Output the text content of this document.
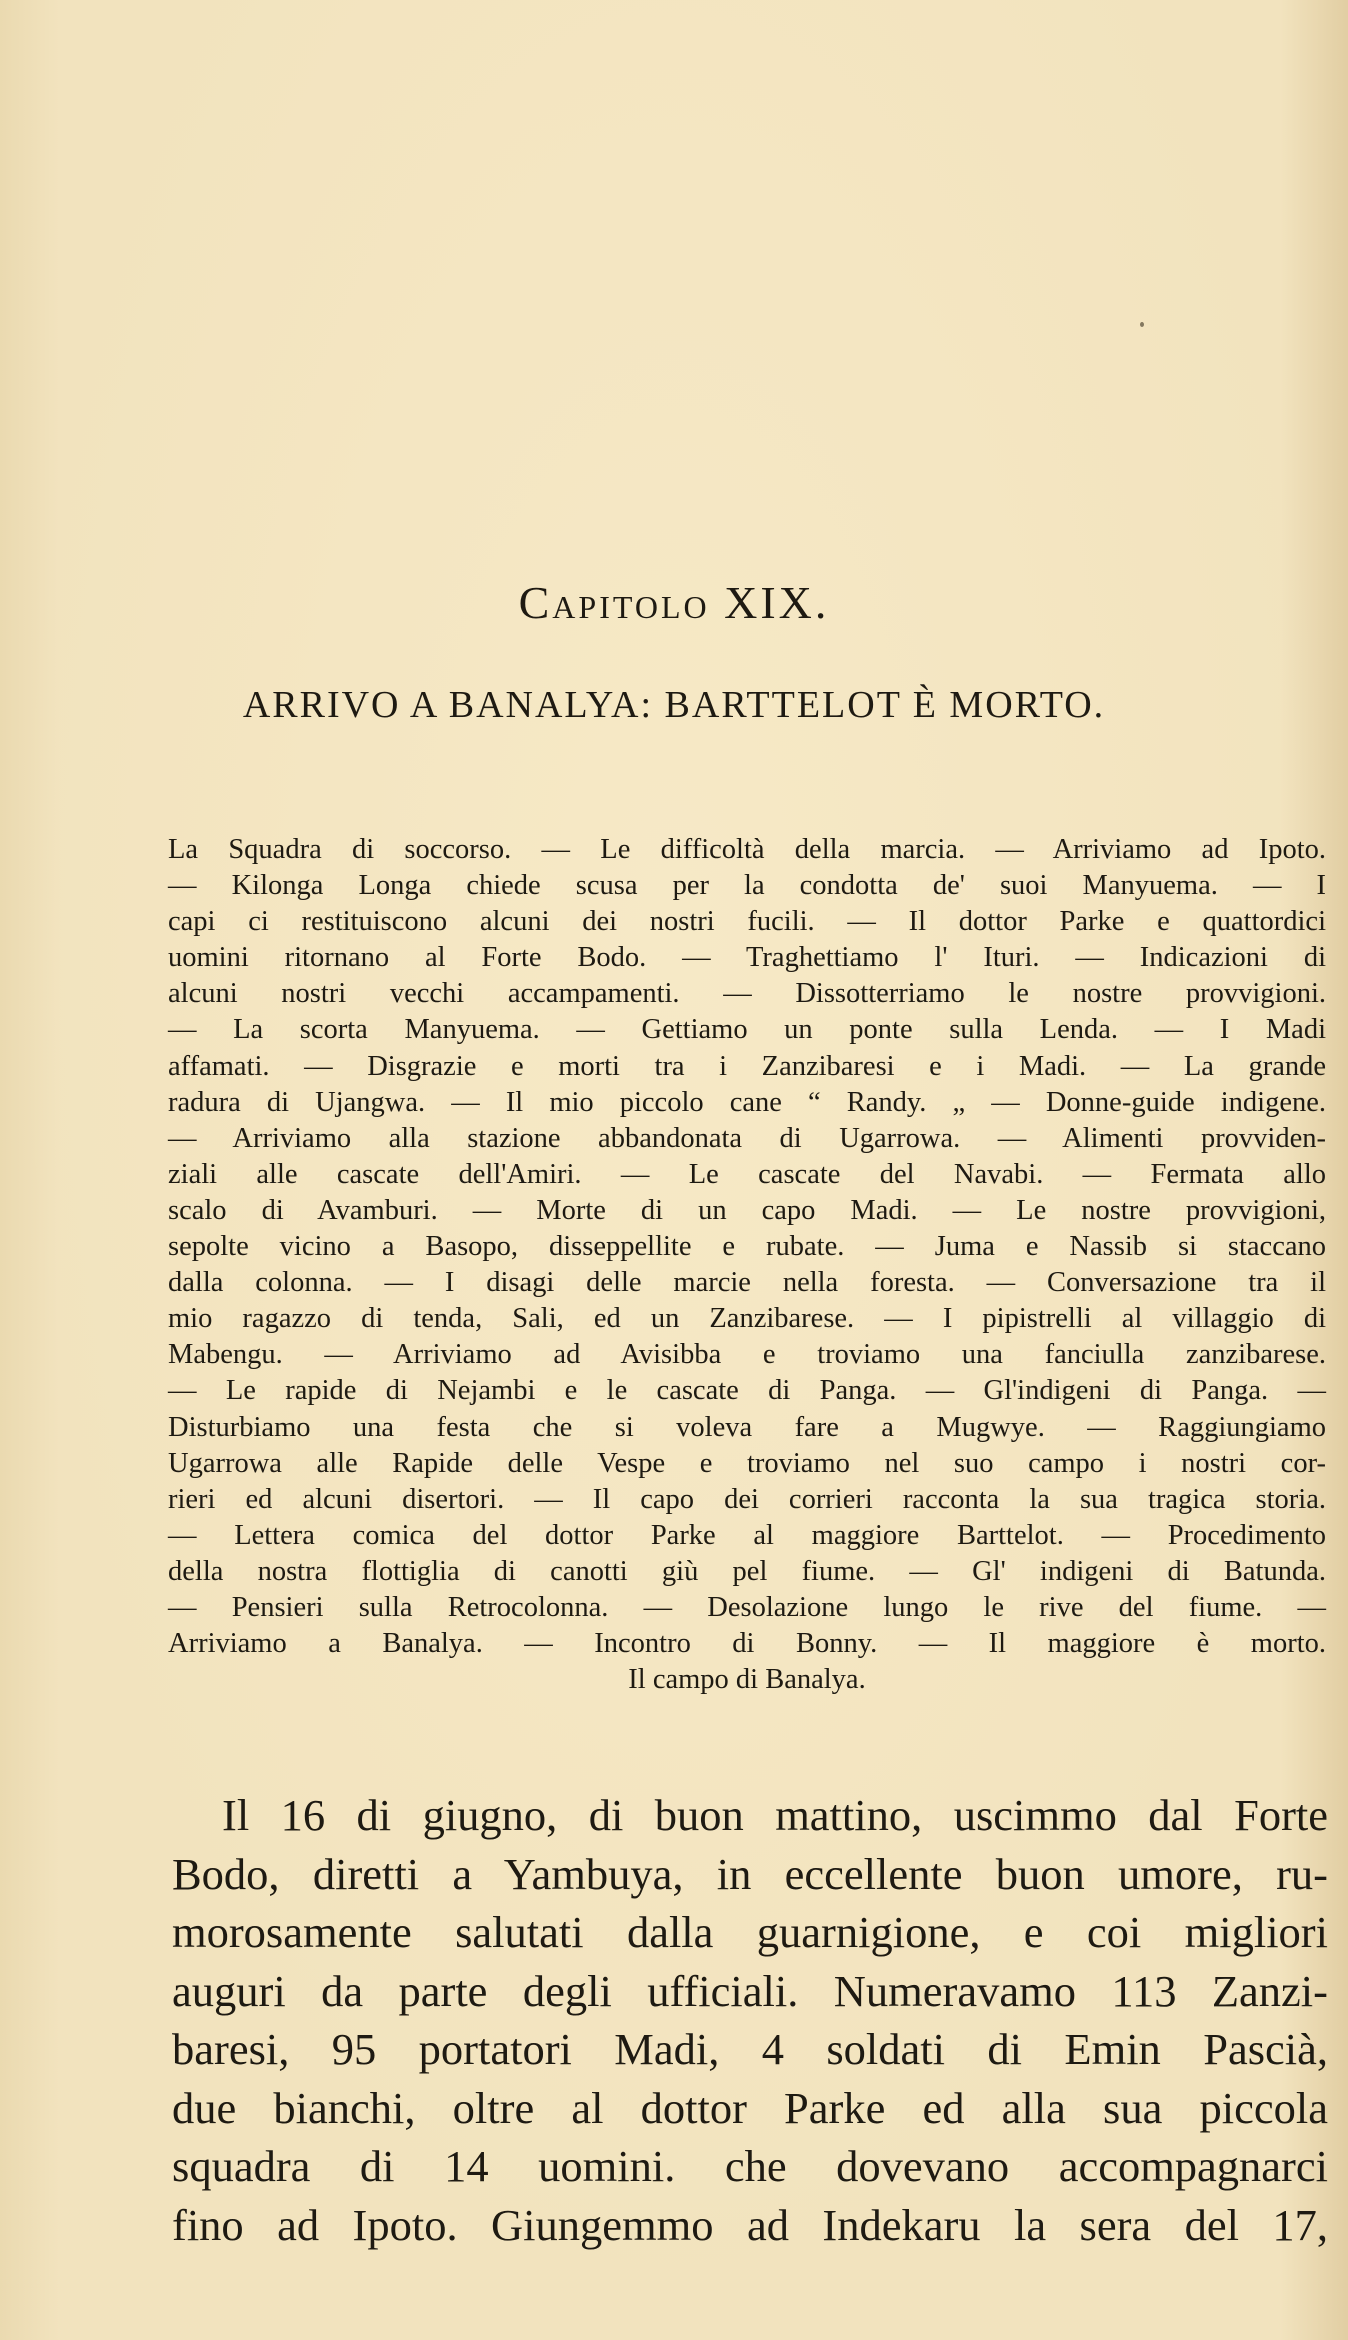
Capitolo XIX.
ARRIVO A BANALYA: BARTTELOT È MORTO.
La Squadra di soccorso. — Le difficoltà della marcia. — Arriviamo ad Ipoto.
— Kilonga Longa chiede scusa per la condotta de' suoi Manyuema. — I
capi ci restituiscono alcuni dei nostri fucili. — Il dottor Parke e quattordici
uomini ritornano al Forte Bodo. — Traghettiamo l' Ituri. — Indicazioni di
alcuni nostri vecchi accampamenti. — Dissotterriamo le nostre provvigioni.
— La scorta Manyuema. — Gettiamo un ponte sulla Lenda. — I Madi
affamati. — Disgrazie e morti tra i Zanzibaresi e i Madi. — La grande
radura di Ujangwa. — Il mio piccolo cane “ Randy. „ — Donne-guide indigene.
— Arriviamo alla stazione abbandonata di Ugarrowa. — Alimenti provviden-
ziali alle cascate dell'Amiri. — Le cascate del Navabi. — Fermata allo
scalo di Avamburi. — Morte di un capo Madi. — Le nostre provvigioni,
sepolte vicino a Basopo, disseppellite e rubate. — Juma e Nassib si staccano
dalla colonna. — I disagi delle marcie nella foresta. — Conversazione tra il
mio ragazzo di tenda, Sali, ed un Zanzibarese. — I pipistrelli al villaggio di
Mabengu. — Arriviamo ad Avisibba e troviamo una fanciulla zanzibarese.
— Le rapide di Nejambi e le cascate di Panga. — Gl'indigeni di Panga. —
Disturbiamo una festa che si voleva fare a Mugwye. — Raggiungiamo
Ugarrowa alle Rapide delle Vespe e troviamo nel suo campo i nostri cor-
rieri ed alcuni disertori. — Il capo dei corrieri racconta la sua tragica storia.
— Lettera comica del dottor Parke al maggiore Barttelot. — Procedimento
della nostra flottiglia di canotti giù pel fiume. — Gl' indigeni di Batunda.
— Pensieri sulla Retrocolonna. — Desolazione lungo le rive del fiume. —
Arriviamo a Banalya. — Incontro di Bonny. — Il maggiore è morto.
Il campo di Banalya.
Il 16 di giugno, di buon mattino, uscimmo dal Forte
Bodo, diretti a Yambuya, in eccellente buon umore, ru-
morosamente salutati dalla guarnigione, e coi migliori
auguri da parte degli ufficiali. Numeravamo 113 Zanzi-
baresi, 95 portatori Madi, 4 soldati di Emin Pascià,
due bianchi, oltre al dottor Parke ed alla sua piccola
squadra di 14 uomini. che dovevano accompagnarci
fino ad Ipoto. Giungemmo ad Indekaru la sera del 17,
